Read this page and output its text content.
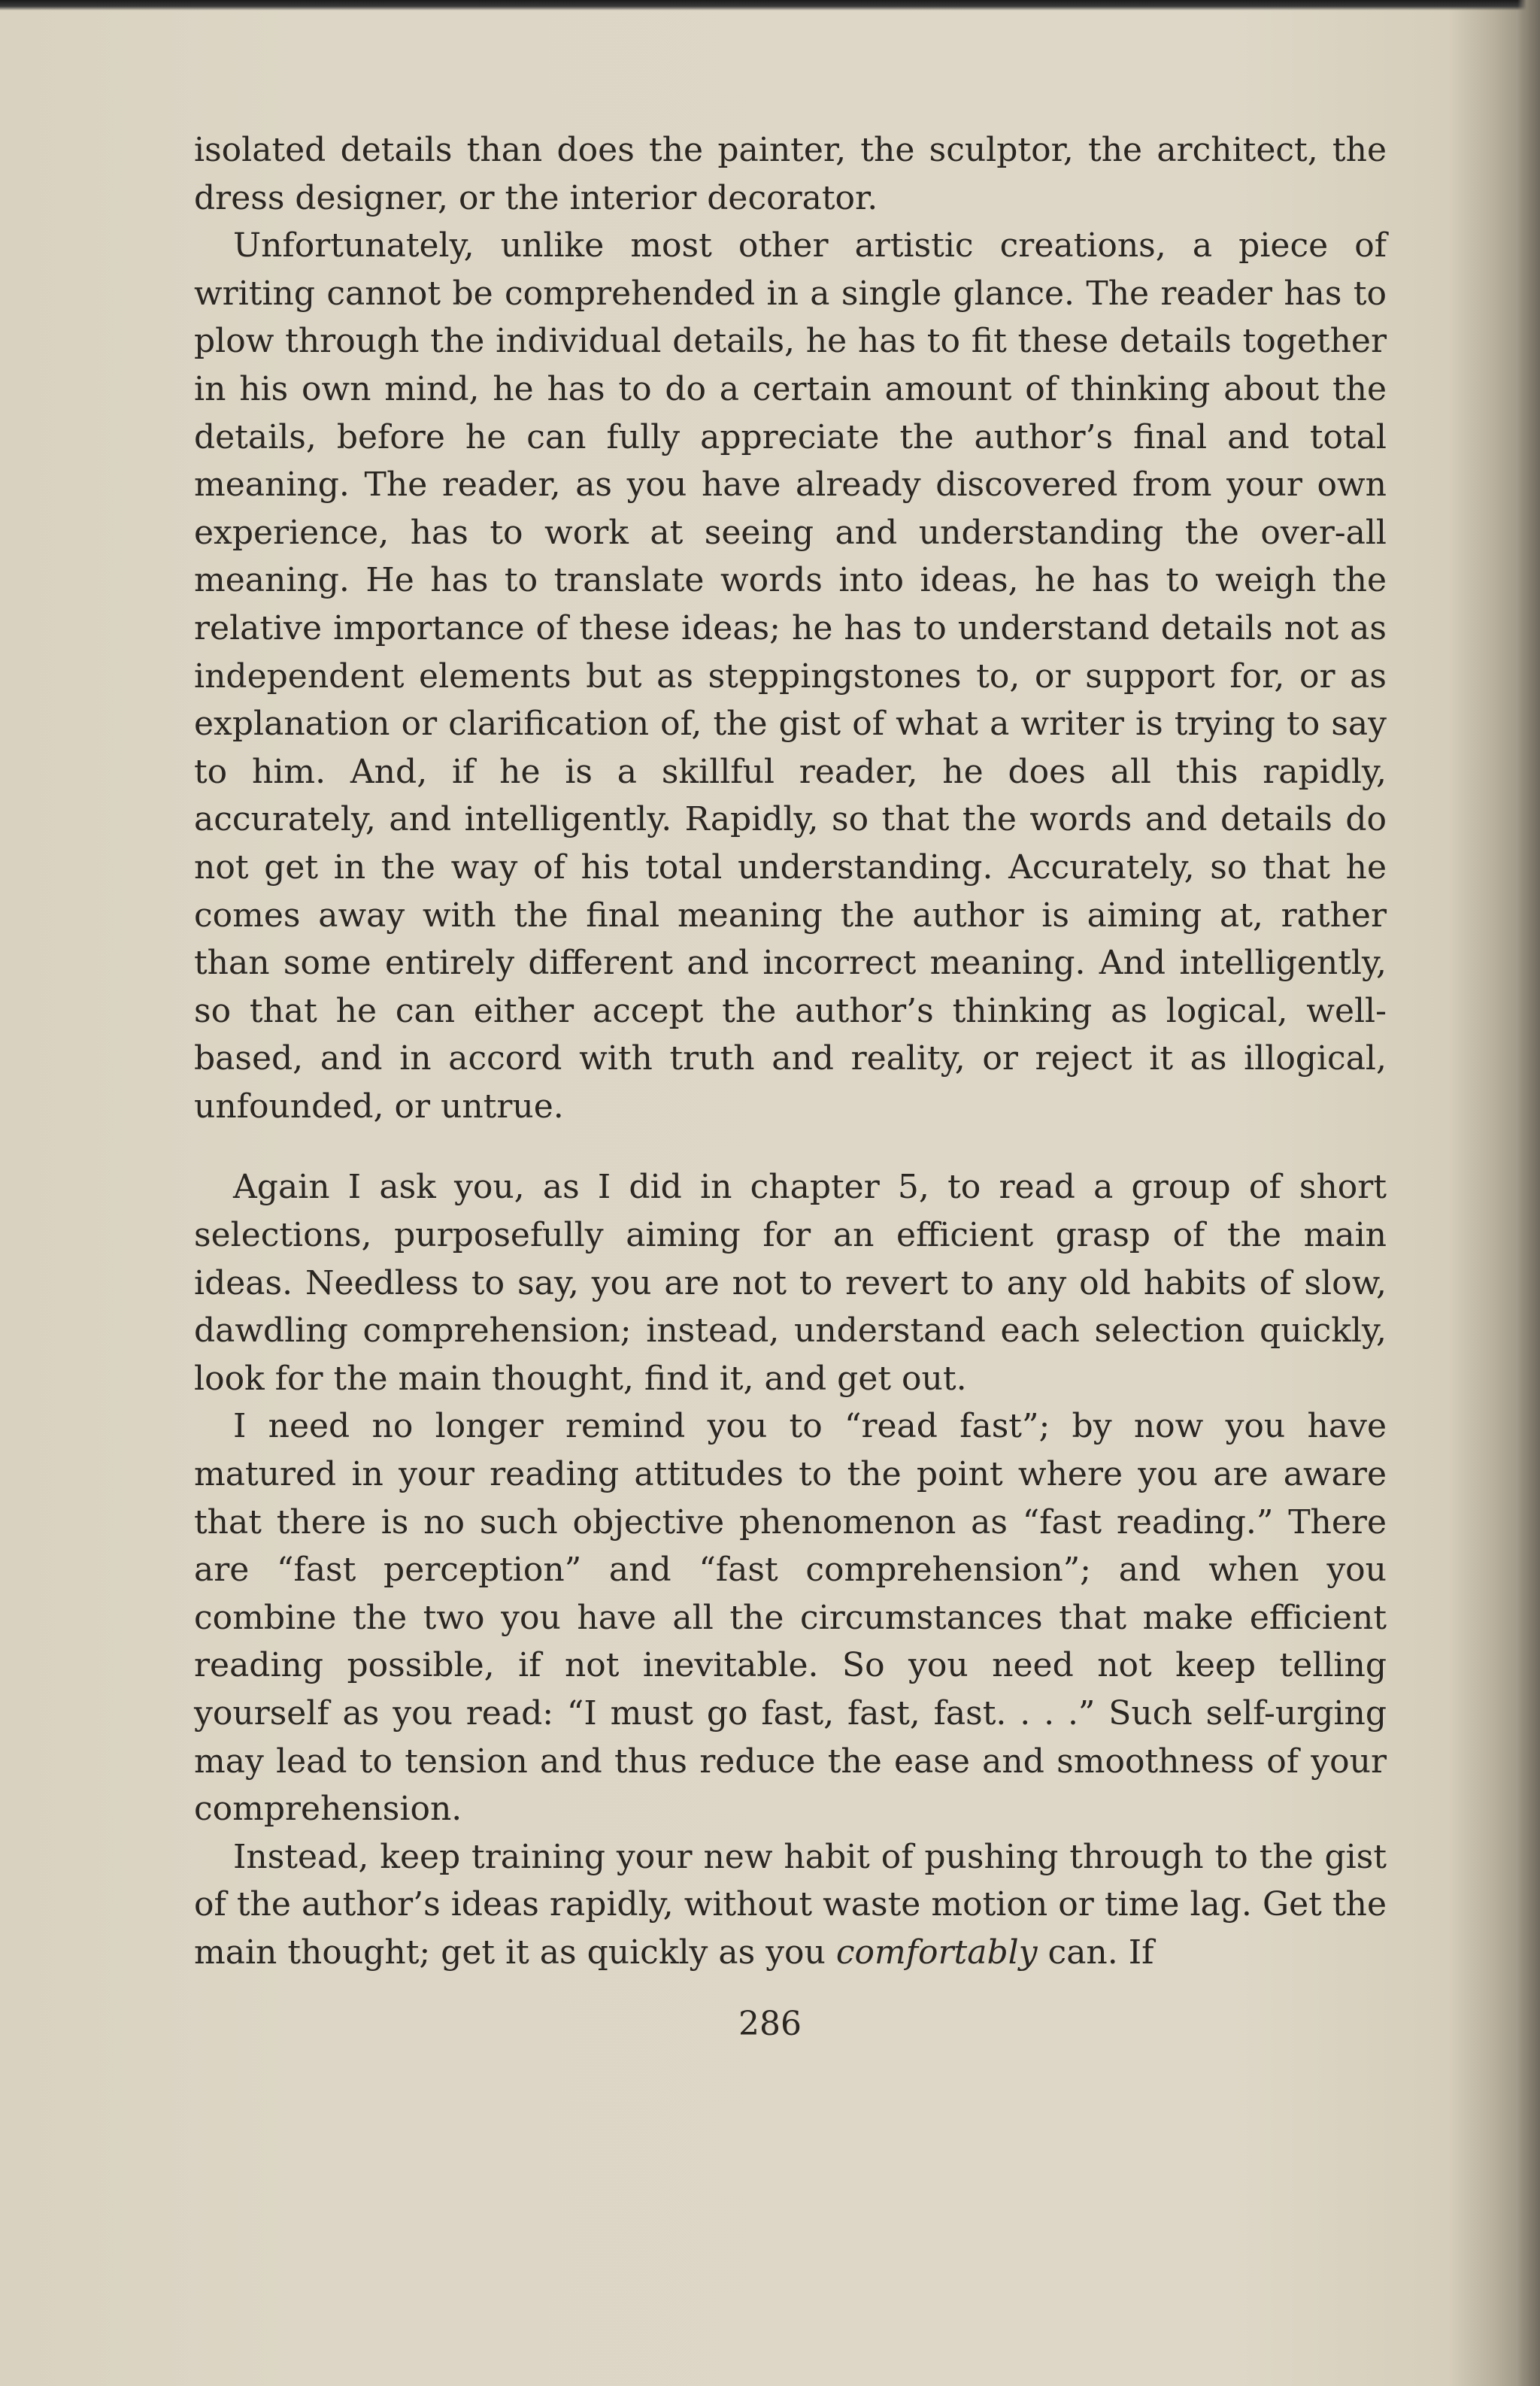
isolated details than does the painter, the sculptor, the architect, the dress designer, or the interior decorator.

Unfortunately, unlike most other artistic creations, a piece of writing cannot be comprehended in a single glance. The reader has to plow through the individual details, he has to fit these details together in his own mind, he has to do a certain amount of thinking about the details, before he can fully appreciate the author’s final and total meaning. The reader, as you have already discovered from your own experience, has to work at seeing and understanding the over-all meaning. He has to translate words into ideas, he has to weigh the relative importance of these ideas; he has to understand details not as independent elements but as steppingstones to, or support for, or as explanation or clarification of, the gist of what a writer is trying to say to him. And, if he is a skillful reader, he does all this rapidly, accurately, and intelligently. Rapidly, so that the words and details do not get in the way of his total understanding. Accurately, so that he comes away with the final meaning the author is aiming at, rather than some entirely different and incorrect meaning. And intelligently, so that he can either accept the author’s thinking as logical, well-based, and in accord with truth and reality, or reject it as illogical, unfounded, or untrue.

Again I ask you, as I did in chapter 5, to read a group of short selections, purposefully aiming for an efficient grasp of the main ideas. Needless to say, you are not to revert to any old habits of slow, dawdling comprehension; instead, understand each selection quickly, look for the main thought, find it, and get out.

I need no longer remind you to “read fast”; by now you have matured in your reading attitudes to the point where you are aware that there is no such objective phenomenon as “fast reading.” There are “fast perception” and “fast comprehension”; and when you combine the two you have all the circumstances that make efficient reading possible, if not inevitable. So you need not keep telling yourself as you read: “I must go fast, fast, fast. . . .” Such self-urging may lead to tension and thus reduce the ease and smoothness of your comprehension.

Instead, keep training your new habit of pushing through to the gist of the author’s ideas rapidly, without waste motion or time lag. Get the main thought; get it as quickly as you comfortably can. If

286
